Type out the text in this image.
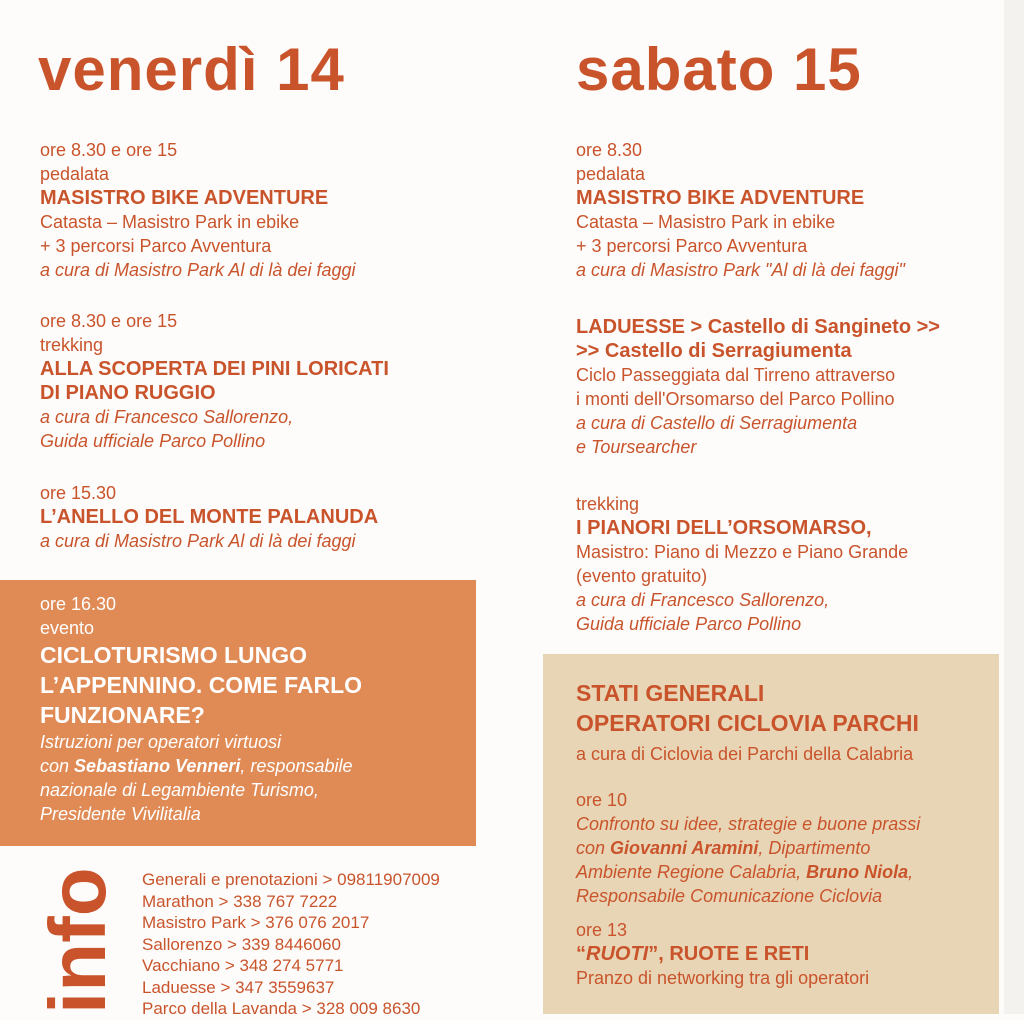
venerdì 14
ore 8.30 e ore 15
pedalata
MASISTRO BIKE ADVENTURE
Catasta – Masistro Park in ebike
+ 3 percorsi Parco Avventura
a cura di Masistro Park Al di là dei faggi
ore 8.30 e ore 15
trekking
ALLA SCOPERTA DEI PINI LORICATI
DI PIANO RUGGIO
a cura di Francesco Sallorenzo,
Guida ufficiale Parco Pollino
ore 15.30
L’ANELLO DEL MONTE PALANUDA
a cura di Masistro Park Al di là dei faggi
ore 16.30
evento
CICLOTURISMO LUNGO
L’APPENNINO. COME FARLO
FUNZIONARE?
Istruzioni per operatori virtuosi
con Sebastiano Venneri, responsabile
nazionale di Legambiente Turismo,
Presidente Vivilitalia
info Generali e prenotazioni > 09811907009
Marathon > 338 767 7222
Masistro Park > 376 076 2017
Sallorenzo > 339 8446060
Vacchiano > 348 274 5771
Laduesse > 347 3559637
Parco della Lavanda > 328 009 8630
sabato 15
ore 8.30
pedalata
MASISTRO BIKE ADVENTURE
Catasta – Masistro Park in ebike
+ 3 percorsi Parco Avventura
a cura di Masistro Park "Al di là dei faggi"
LADUESSE > Castello di Sangineto >>
>> Castello di Serragiumenta
Ciclo Passeggiata dal Tirreno attraverso
i monti dell'Orsomarso del Parco Pollino
a cura di Castello di Serragiumenta
e Toursearcher
trekking
I PIANORI DELL’ORSOMARSO,
Masistro: Piano di Mezzo e Piano Grande
(evento gratuito)
a cura di Francesco Sallorenzo,
Guida ufficiale Parco Pollino
STATI GENERALI
OPERATORI CICLOVIA PARCHI
a cura di Ciclovia dei Parchi della Calabria
ore 10
Confronto su idee, strategie e buone prassi
con Giovanni Aramini, Dipartimento
Ambiente Regione Calabria, Bruno Niola,
Responsabile Comunicazione Ciclovia
ore 13
“RUOTI”, RUOTE E RETI
Pranzo di networking tra gli operatori
